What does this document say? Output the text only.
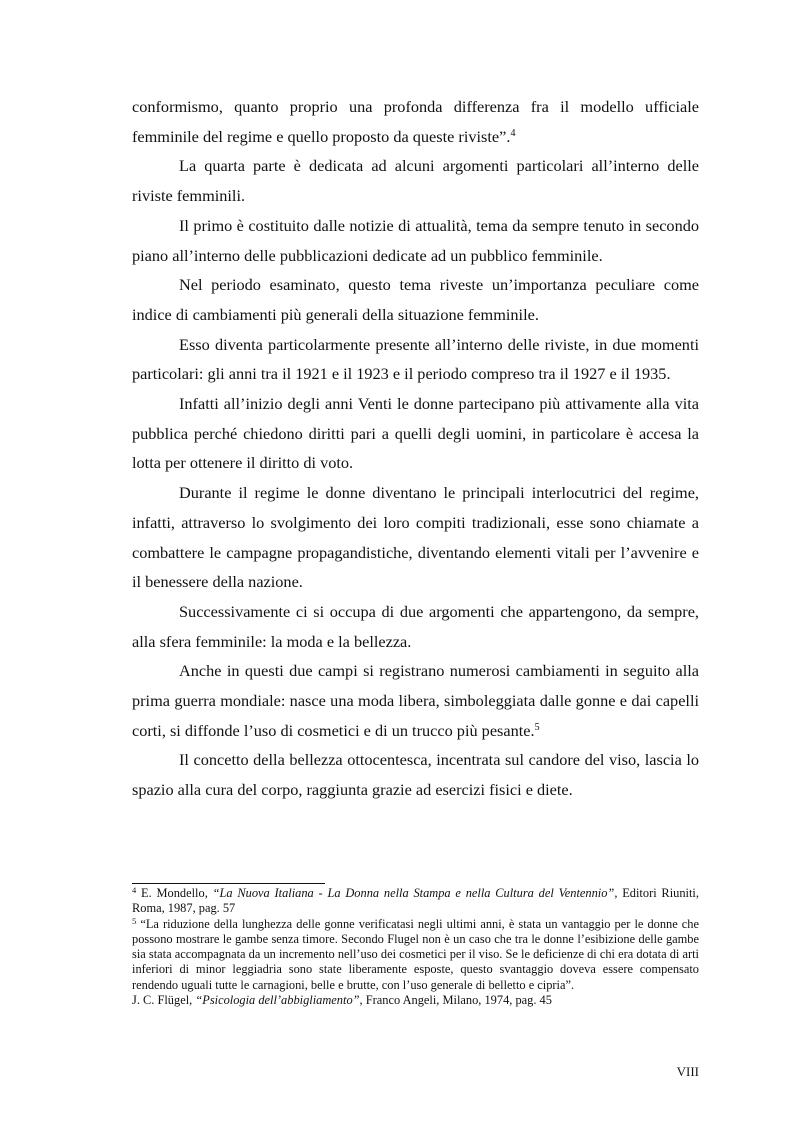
conformismo, quanto proprio una profonda differenza fra il modello ufficiale femminile del regime e quello proposto da queste riviste”.$^4$

La quarta parte è dedicata ad alcuni argomenti particolari all’interno delle riviste femminili.

Il primo è costituito dalle notizie di attualità, tema da sempre tenuto in secondo piano all’interno delle pubblicazioni dedicate ad un pubblico femminile.

Nel periodo esaminato, questo tema riveste un’importanza peculiare come indice di cambiamenti più generali della situazione femminile.

Esso diventa particolarmente presente all’interno delle riviste, in due momenti particolari: gli anni tra il 1921 e il 1923 e il periodo compreso tra il 1927 e il 1935.

Infatti all’inizio degli anni Venti le donne partecipano più attivamente alla vita pubblica perché chiedono diritti pari a quelli degli uomini, in particolare è accesa la lotta per ottenere il diritto di voto.

Durante il regime le donne diventano le principali interlocutrici del regime, infatti, attraverso lo svolgimento dei loro compiti tradizionali, esse sono chiamate a combattere le campagne propagandistiche, diventando elementi vitali per l’avvenire e il benessere della nazione.

Successivamente ci si occupa di due argomenti che appartengono, da sempre, alla sfera femminile: la moda e la bellezza.

Anche in questi due campi si registrano numerosi cambiamenti in seguito alla prima guerra mondiale: nasce una moda libera, simboleggiata dalle gonne e dai capelli corti, si diffonde l’uso di cosmetici e di un trucco più pesante.$^5$

Il concetto della bellezza ottocentesca, incentrata sul candore del viso, lascia lo spazio alla cura del corpo, raggiunta grazie ad esercizi fisici e diete.

$^4$ E. Mondello, “La Nuova Italiana - La Donna nella Stampa e nella Cultura del Ventennio”, Editori Riuniti, Roma, 1987, pag. 57

$^5$ “La riduzione della lunghezza delle gonne verificatasi negli ultimi anni, è stata un vantaggio per le donne che possono mostrare le gambe senza timore. Secondo Flugel non è un caso che tra le donne l’esibizione delle gambe sia stata accompagnata da un incremento nell’uso dei cosmetici per il viso. Se le deficienze di chi era dotata di arti inferiori di minor leggiadria sono state liberamente esposte, questo svantaggio doveva essere compensato rendendo uguali tutte le carnagioni, belle e brutte, con l’uso generale di belletto e cipria”.

J. C. Flügel, “Psicologia dell’abbigliamento”, Franco Angeli, Milano, 1974, pag. 45

VIII
